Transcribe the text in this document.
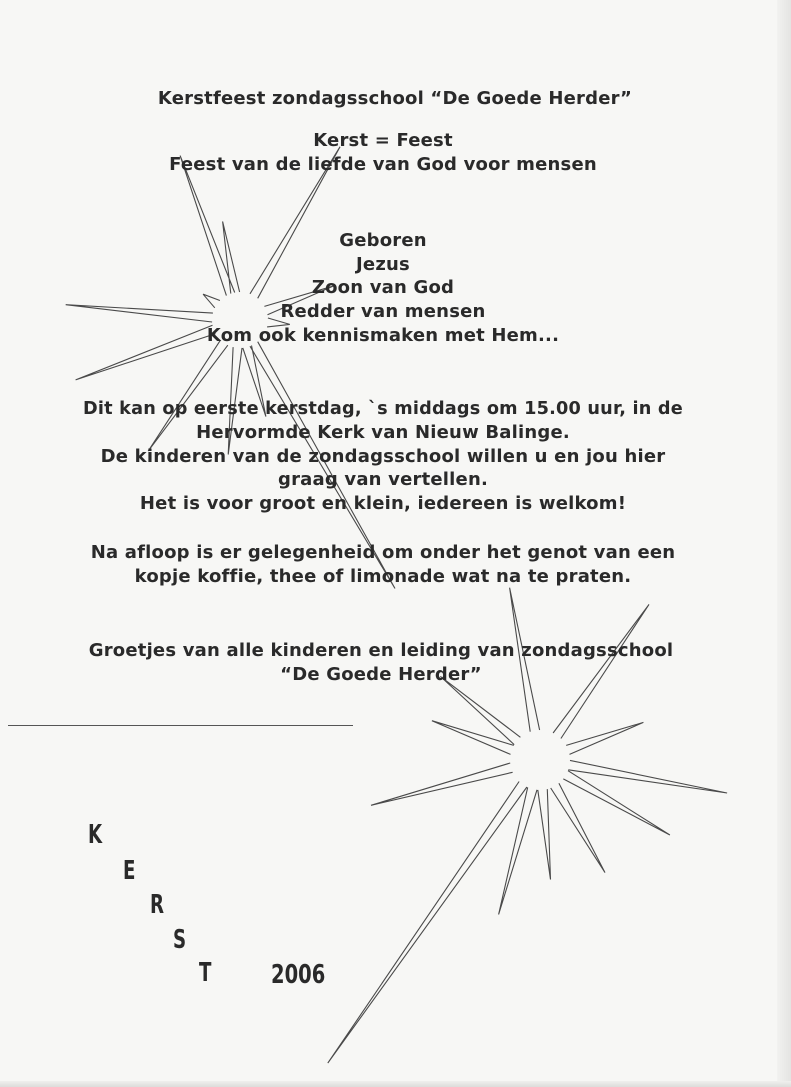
Kerstfeest zondagsschool “De Goede Herder”
Kerst = Feest
Feest van de liefde van God voor mensen
Geboren
Jezus
Zoon van God
Redder van mensen
Kom ook kennismaken met Hem...
Dit kan op eerste kerstdag, `s middags om 15.00 uur, in de
Hervormde Kerk van Nieuw Balinge.
De kinderen van de zondagsschool willen u en jou hier
graag van vertellen.
Het is voor groot en klein, iedereen is welkom!
Na afloop is er gelegenheid om onder het genot van een
kopje koffie, thee of limonade wat na te praten.
Groetjes van alle kinderen en leiding van zondagsschool
“De Goede Herder”
K
E
R
S
T 2006
